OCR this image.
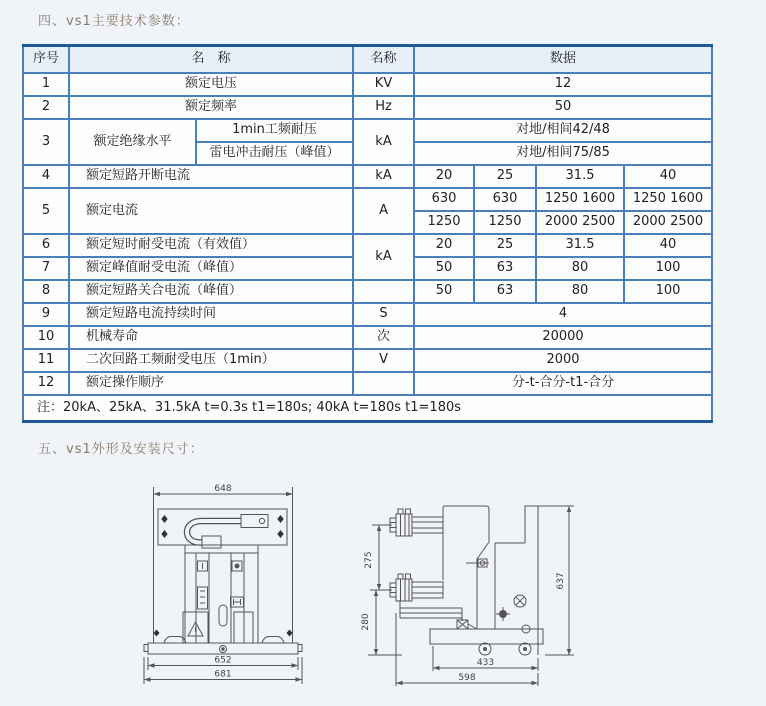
四、vs1主要技术参数：
序号	名　称		名称	数据			
1	额定电压		KV	12			
2	额定频率		Hz	50			
3	额定绝缘水平	1min工频耐压	kA	对地/相间42/48			
		雷电冲击耐压（峰值）		对地/相间75/85			
4	额定短路开断电流		kA	20	25	31.5	40
5	额定电流		A	630	630	1250 1600	1250 1600
				1250	1250	2000 2500	2000 2500
6	额定短时耐受电流（有效值）		kA	20	25	31.5	40
7	额定峰值耐受电流（峰值）			50	63	80	100
8	额定短路关合电流（峰值）			50	63	80	100
9	额定短路电流持续时间		S	4			
10	机械寿命		次	20000			
11	二次回路工频耐受电压（1min）		V	2000			
12	额定操作顺序			分-t-合分-t1-合分			
注：20kA、25kA、31.5kA t=0.3s t1=180s; 40kA t=180s t1=180s							
五、vs1外形及安装尺寸：
648
652
681
275
280
637
433
598
